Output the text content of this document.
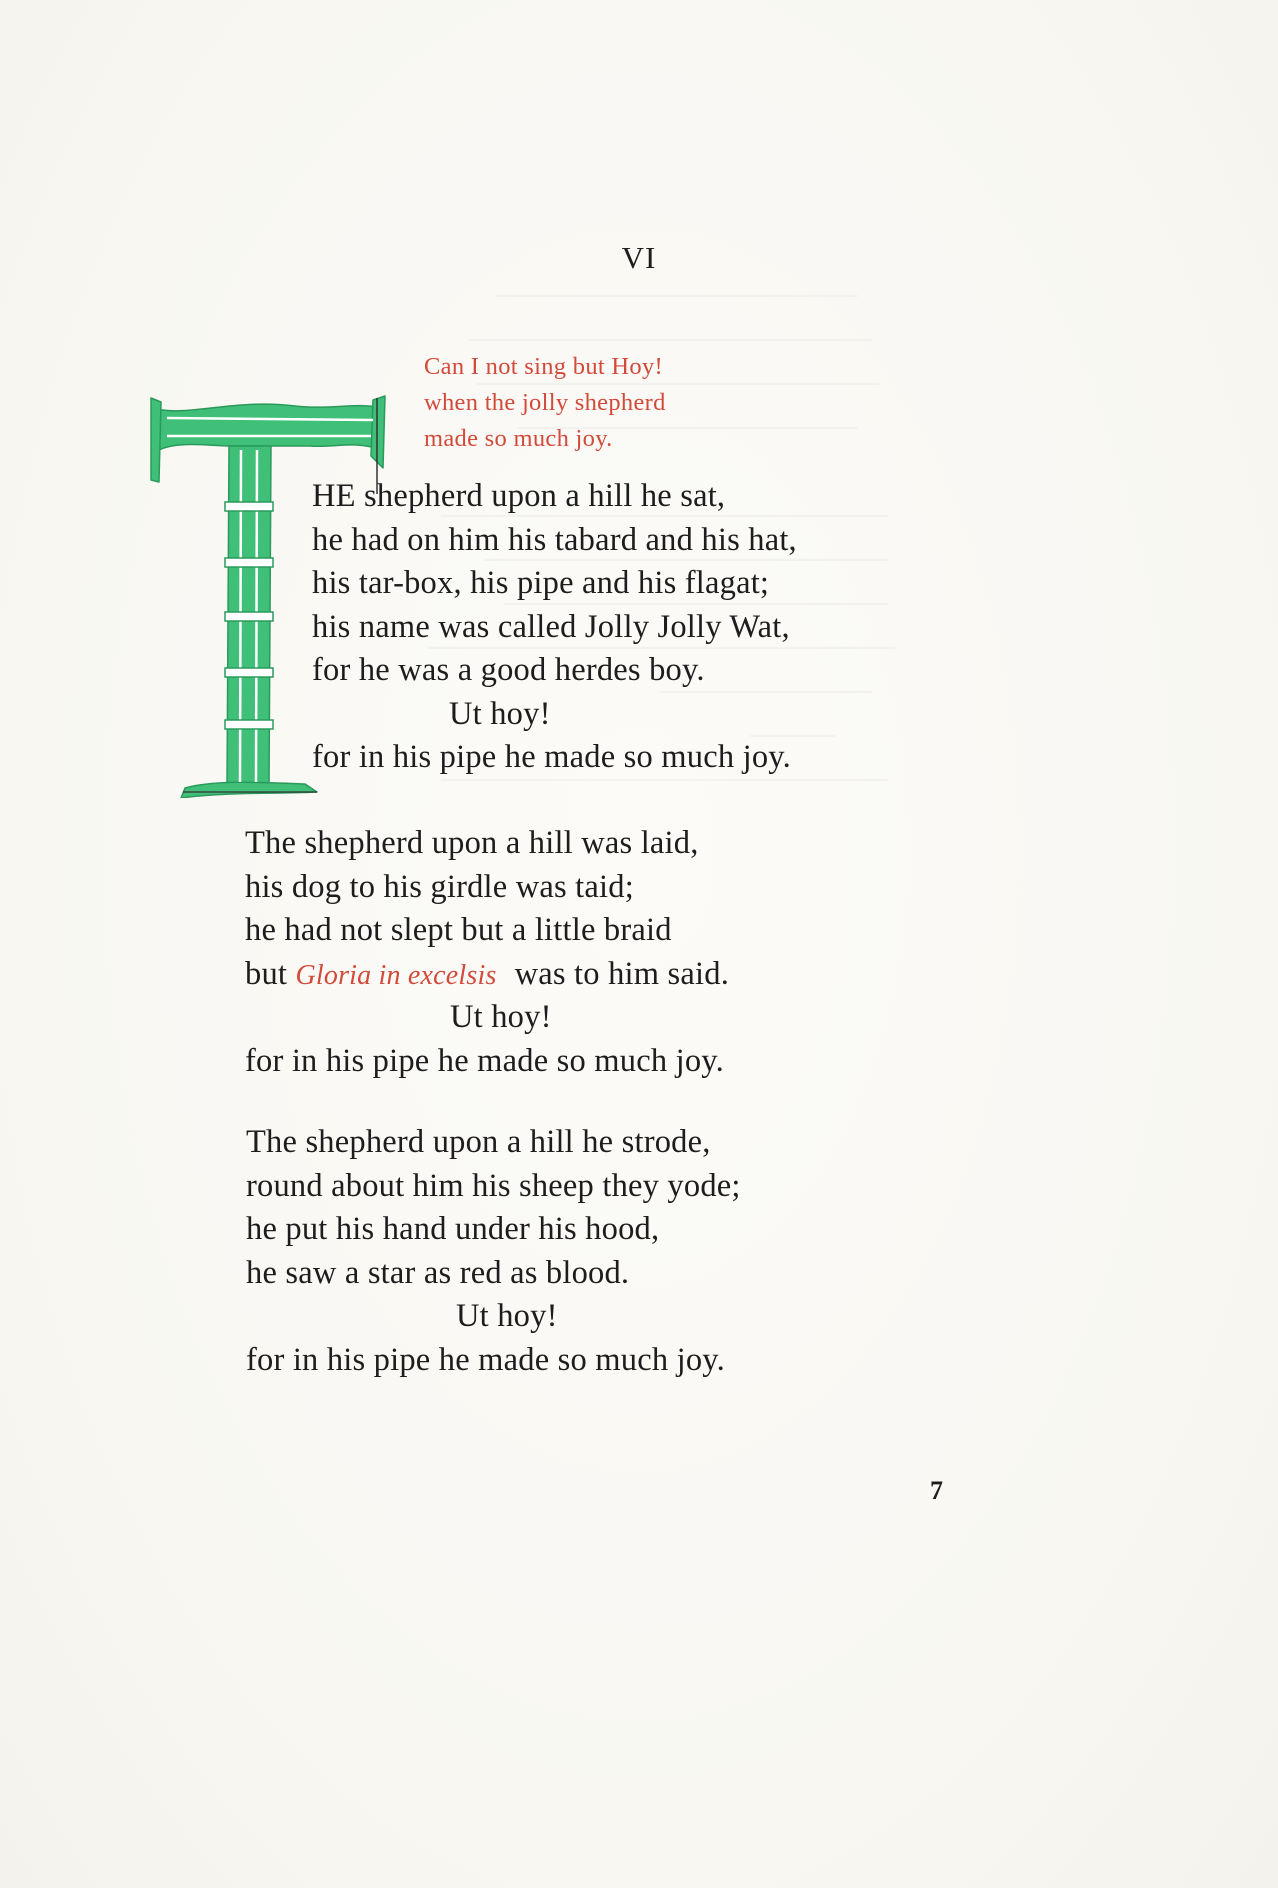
VI
Can I not sing but Hoy!
when the jolly shepherd
made so much joy.
HE shepherd upon a hill he sat,
he had on him his tabard and his hat,
his tar-box, his pipe and his flagat;
his name was called Jolly Jolly Wat,
for he was a good herdes boy.
Ut hoy!
for in his pipe he made so much joy.
The shepherd upon a hill was laid,
his dog to his girdle was taid;
he had not slept but a little braid
but Gloria in excelsis was to him said.
Ut hoy!
for in his pipe he made so much joy.
The shepherd upon a hill he strode,
round about him his sheep they yode;
he put his hand under his hood,
he saw a star as red as blood.
Ut hoy!
for in his pipe he made so much joy.
7
